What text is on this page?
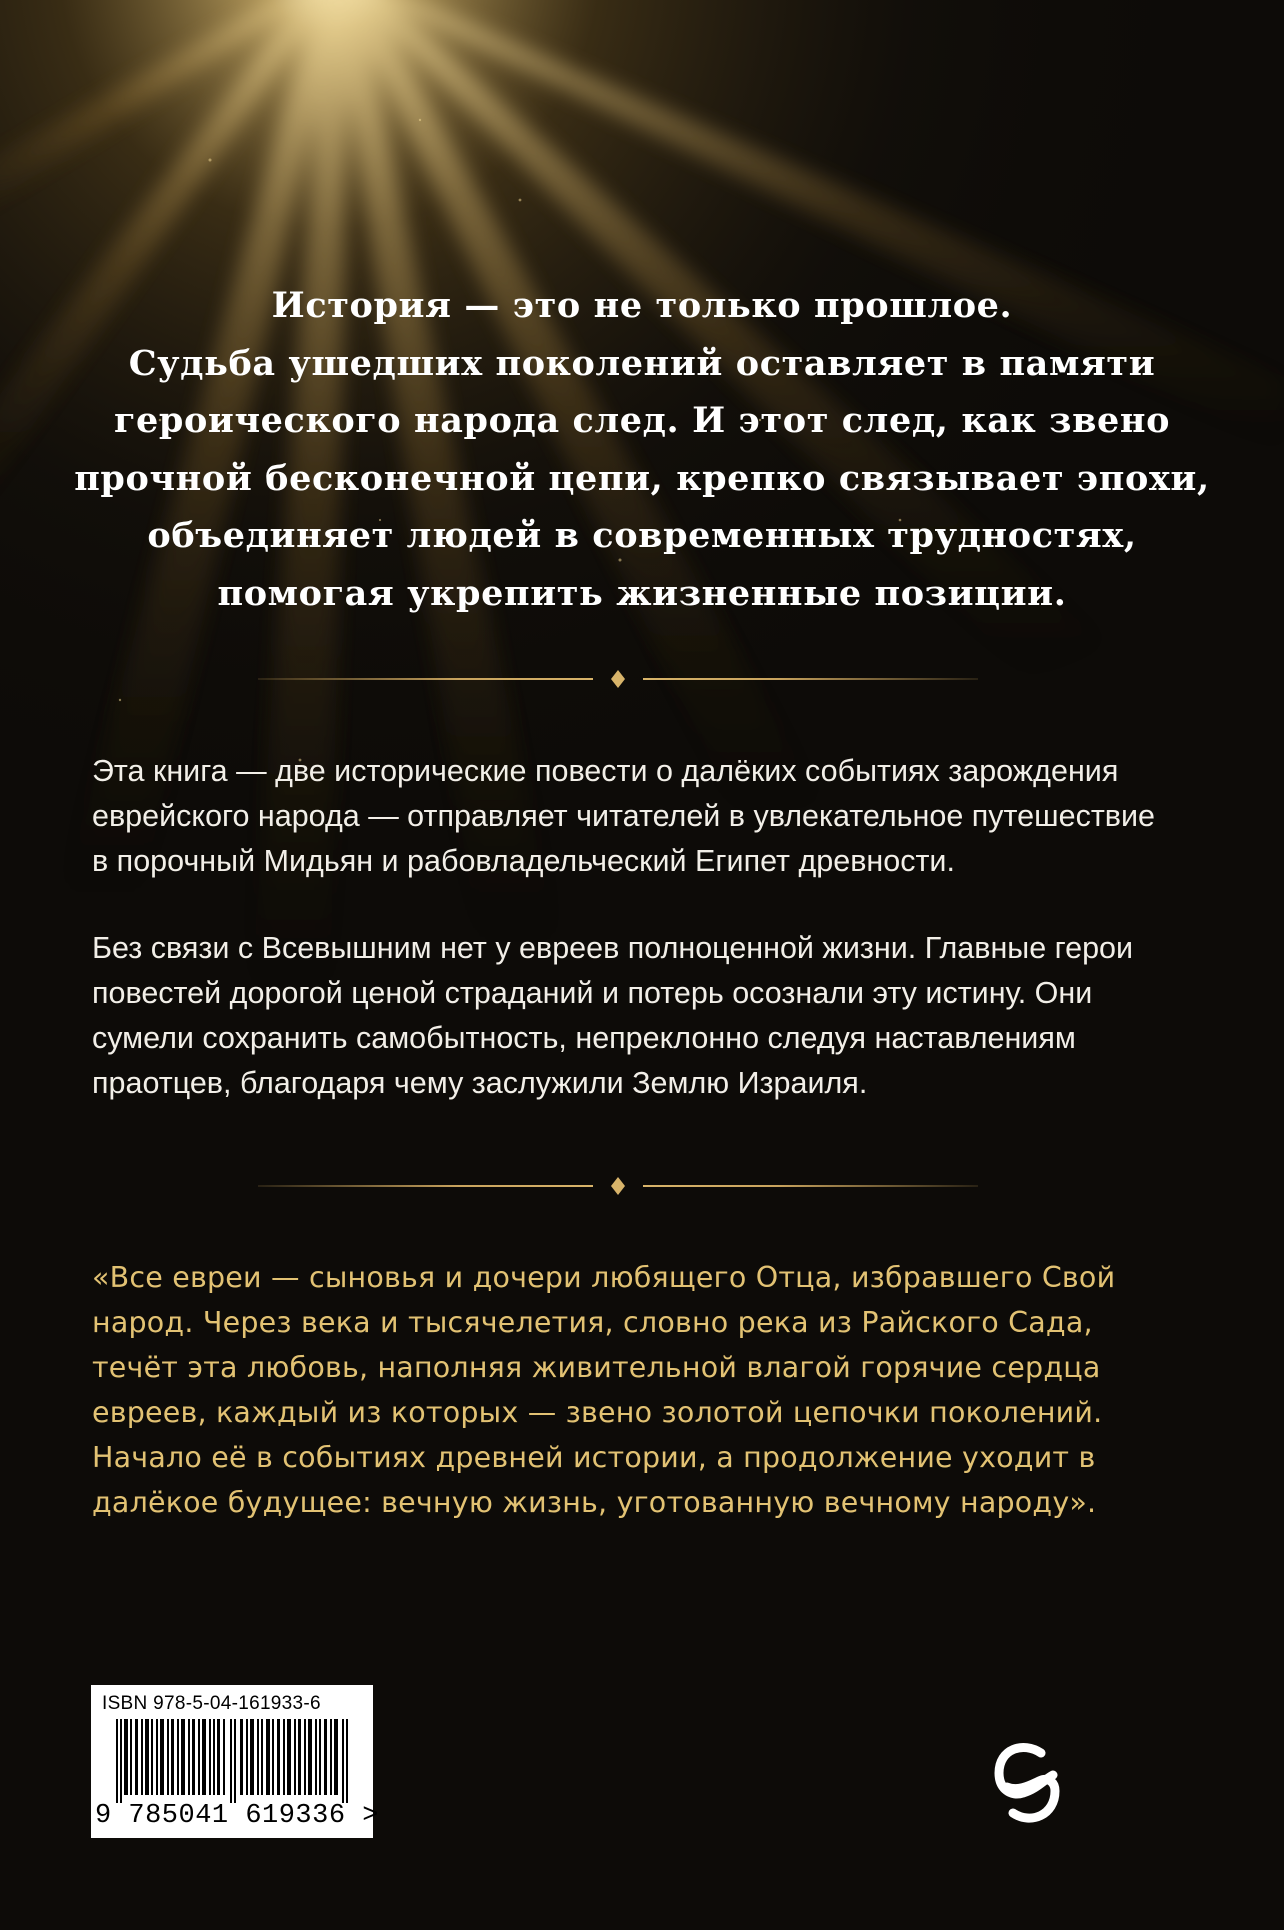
История — это не только прошлое.
Судьба ушедших поколений оставляет в памяти
героического народа след. И этот след, как звено
прочной бесконечной цепи, крепко связывает эпохи,
объединяет людей в современных трудностях,
помогая укрепить жизненные позиции.

Эта книга — две исторические повести о далёких событиях зарождения
еврейского народа — отправляет читателей в увлекательное путешествие
в порочный Мидьян и рабовладельческий Египет древности.

Без связи с Всевышним нет у евреев полноценной жизни. Главные герои
повестей дорогой ценой страданий и потерь осознали эту истину. Они
сумели сохранить самобытность, непреклонно следуя наставлениям
праотцев, благодаря чему заслужили Землю Израиля.

«Все евреи — сыновья и дочери любящего Отца, избравшего Свой
народ. Через века и тысячелетия, словно река из Райского Сада,
течёт эта любовь, наполняя живительной влагой горячие сердца
евреев, каждый из которых — звено золотой цепочки поколений.
Начало её в событиях древней истории, а продолжение уходит в
далёкое будущее: вечную жизнь, уготованную вечному народу».

ISBN 978-5-04-161933-6

9 785041 619336 >
